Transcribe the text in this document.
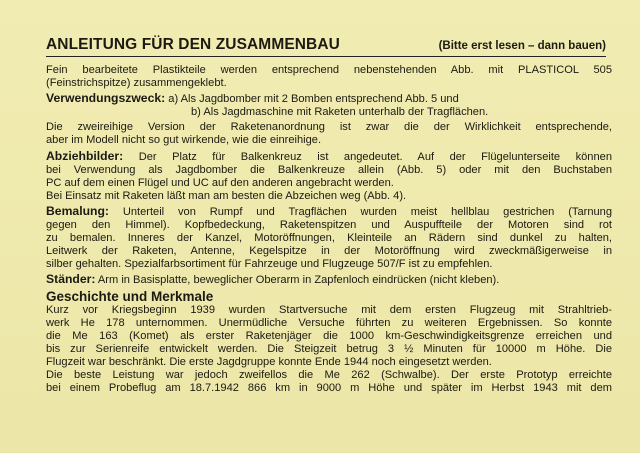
ANLEITUNG FÜR DEN ZUSAMMENBAU	(Bitte erst lesen – dann bauen)
Fein bearbeitete Plastikteile werden entsprechend nebenstehenden Abb. mit PLASTICOL 505
(Feinstrichspitze) zusammengeklebt.
Verwendungszweck: a) Als Jagdbomber mit 2 Bomben entsprechend Abb. 5 und
b) Als Jagdmaschine mit Raketen unterhalb der Tragflächen.
Die zweireihige Version der Raketenanordnung ist zwar die der Wirklichkeit entsprechende,
aber im Modell nicht so gut wirkende, wie die einreihige.
Abziehbilder: Der Platz für Balkenkreuz ist angedeutet. Auf der Flügelunterseite können
bei Verwendung als Jagdbomber die Balkenkreuze allein (Abb. 5) oder mit den Buchstaben
PC auf dem einen Flügel und UC auf den anderen angebracht werden.
Bei Einsatz mit Raketen läßt man am besten die Abzeichen weg (Abb. 4).
Bemalung: Unterteil von Rumpf und Tragflächen wurden meist hellblau gestrichen (Tarnung
gegen den Himmel). Kopfbedeckung, Raketenspitzen und Auspuffteile der Motoren sind rot
zu bemalen. Inneres der Kanzel, Motoröffnungen, Kleinteile an Rädern sind dunkel zu halten,
Leitwerk der Raketen, Antenne, Kegelspitze in der Motoröffnung wird zweckmäßigerweise in
silber gehalten. Spezialfarbsortiment für Fahrzeuge und Flugzeuge 507/F ist zu empfehlen.
Ständer: Arm in Basisplatte, beweglicher Oberarm in Zapfenloch eindrücken (nicht kleben).
Geschichte und Merkmale
Kurz vor Kriegsbeginn 1939 wurden Startversuche mit dem ersten Flugzeug mit Strahltrieb-
werk He 178 unternommen. Unermüdliche Versuche führten zu weiteren Ergebnissen. So konnte
die Me 163 (Komet) als erster Raketenjäger die 1000 km-Geschwindigkeitsgrenze erreichen und
bis zur Serienreife entwickelt werden. Die Steigzeit betrug 3 ½ Minuten für 10000 m Höhe. Die
Flugzeit war beschränkt. Die erste Jagdgruppe konnte Ende 1944 noch eingesetzt werden.
Die beste Leistung war jedoch zweifellos die Me 262 (Schwalbe). Der erste Prototyp erreichte
bei einem Probeflug am 18.7.1942 866 km in 9000 m Höhe und später im Herbst 1943 mit dem
